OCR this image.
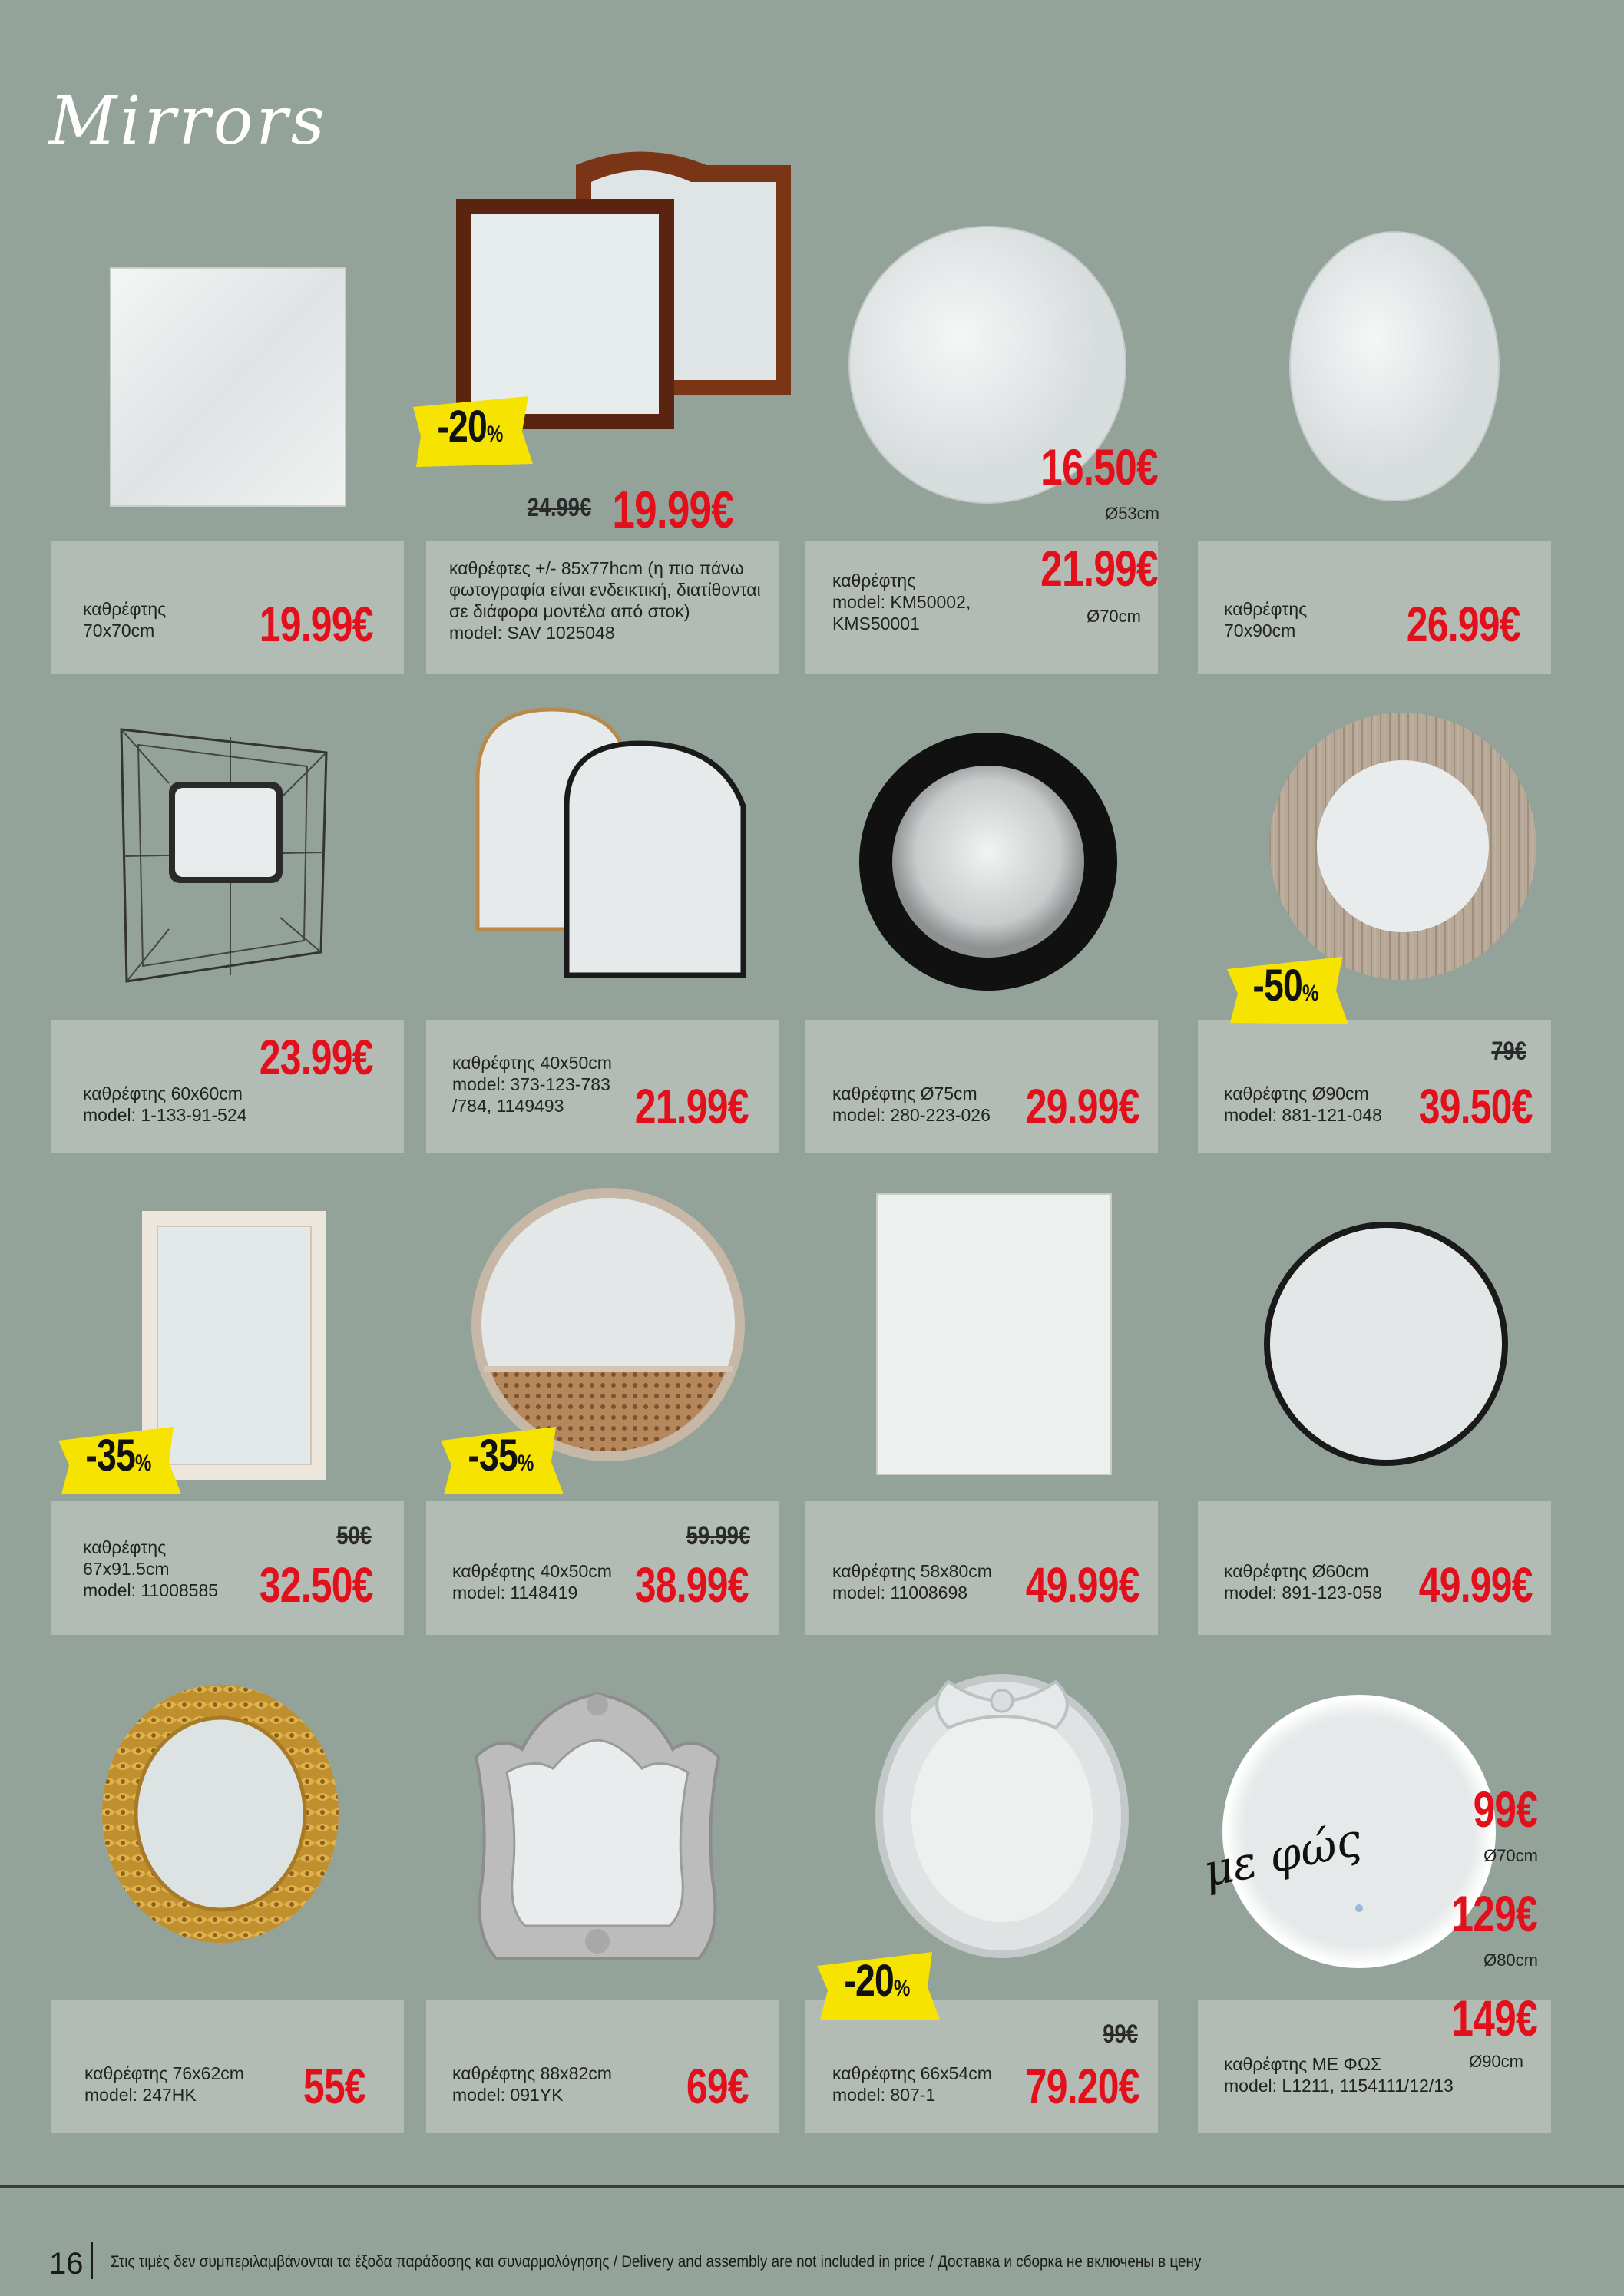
Mirrors
με φώς
καθρέφτης
70x70cm 19.99€
καθρέφτες +/- 85x77hcm (η πιο πάνω
φωτογραφία είναι ενδεικτική, διατίθονται
σε διάφορα μοντέλα από στοκ)
model: SAV 1025048
καθρέφτης
model: KM50002,
KMS50001	Ø70cm	καθρέφτης
70x90cm 26.99€
24.99€ 19.99€
16.50€
Ø53cm
21.99€
-20%
καθρέφτης 60x60cm
model: 1-133-91-524
23.99€	καθρέφτης 40x50cm
model: 373-123-783
/784, 1149493	21.99€	καθρέφτης Ø75cm
model: 280-223-026 29.99€	καθρέφτης Ø90cm
model: 881-121-048
79€
39.50€
-50%
καθρέφτης
67x91.5cm
model: 11008585
50€
32.50€	καθρέφτης 40x50cm
model: 1148419
59.99€
38.99€	καθρέφτης 58x80cm
model: 11008698	49.99€	καθρέφτης Ø60cm
model: 891-123-058 49.99€
-35%	-35%
καθρέφτης 76x62cm
model: 247HK	55€	καθρέφτης 88x82cm
model: 091YK	69€	καθρέφτης 66x54cm
model: 807-1
99€
79.20€	καθρέφτης ΜΕ ΦΩΣ
model: L1211, 1154111/12/13
Ø90cm
-20%
99€
Ø70cm
129€
Ø80cm
149€
16 Στις τιμές δεν συμπεριλαμβάνονται τα έξοδα παράδοσης και συναρμολόγησης / Delivery and assembly are not included in price / Доставка и сборка не включены в цену
